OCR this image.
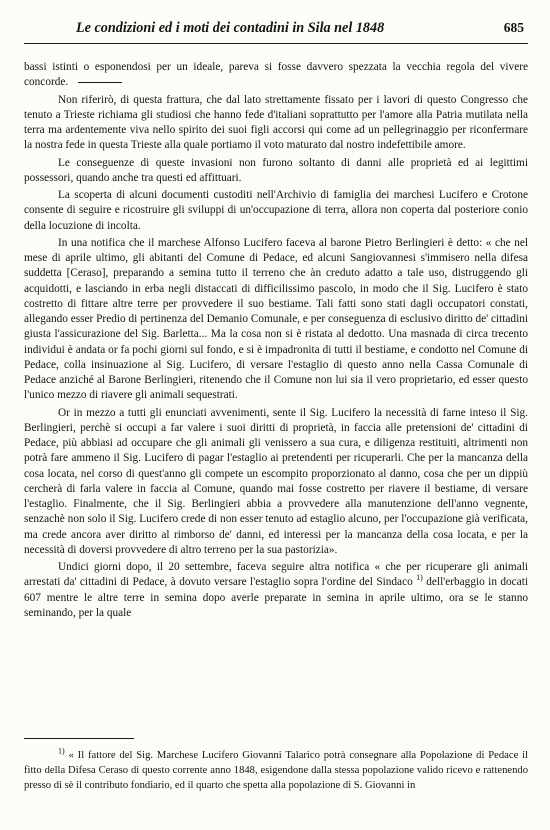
Le condizioni ed i moti dei contadini in Sila nel 1848	685

bassi istinti o esponendosi per un ideale, pareva si fosse davvero spezzata la vecchia regola del vivere concorde.

Non riferirò, di questa frattura, che dal lato strettamente fissato per i lavori di questo Congresso che tenuto a Trieste richiama gli studiosi che hanno fede d'italiani soprattutto per l'amore alla Patria mutilata nella terra ma ardentemente viva nello spirito dei suoi figli accorsi qui come ad un pellegrinaggio per riconfermare la nostra fede in questa Trieste alla quale portiamo il voto maturato dal nostro indefettibile amore.

Le conseguenze di queste invasioni non furono soltanto di danni alle proprietà ed ai legittimi possessori, quando anche tra questi ed affittuari.

La scoperta di alcuni documenti custoditi nell'Archivio di famiglia dei marchesi Lucifero e Crotone consente di seguire e ricostruire gli sviluppi di un'occupazione di terra, allora non coperta dal posteriore conio della locuzione di incolta.

In una notifica che il marchese Alfonso Lucifero faceva al barone Pietro Berlingieri è detto: « che nel mese di aprile ultimo, gli abitanti del Comune di Pedace, ed alcuni Sangiovannesi s'immisero nella difesa suddetta [Ceraso], preparando a semina tutto il terreno che àn creduto adatto a tale uso, distruggendo gli acquidotti, e lasciando in erba negli distaccati di difficilissimo pascolo, in modo che il Sig. Lucifero è stato costretto di fittare altre terre per provvedere il suo bestiame. Tali fatti sono stati dagli occupatori constati, allegando esser Predio di pertinenza del Demanio Comunale, e per conseguenza di esclusivo diritto de' cittadini giusta l'assicurazione del Sig. Barletta... Ma la cosa non si è ristata al dedotto. Una masnada di circa trecento individui è andata or fa pochi giorni sul fondo, e si è impadronita di tutti il bestiame, e condotto nel Comune di Pedace, colla insinuazione al Sig. Lucifero, di versare l'estaglio di questo anno nella Cassa Comunale di Pedace anziché al Barone Berlingieri, ritenendo che il Comune non lui sia il vero proprietario, ed esser questo l'unico mezzo di riavere gli animali sequestrati.

Or in mezzo a tutti gli enunciati avvenimenti, sente il Sig. Lucifero la necessità di farne inteso il Sig. Berlingieri, perchè si occupi a far valere i suoi diritti di proprietà, in faccia alle pretensioni de' cittadini di Pedace, più abbiasi ad occupare che gli animali gli venissero a sua cura, e diligenza restituiti, altrimenti non potrà fare ammeno il Sig. Lucifero di pagar l'estaglio ai pretendenti per ricuperarli. Che per la mancanza della cosa locata, nel corso di quest'anno gli compete un escompito proporzionato al danno, cosa che per un dippiù cercherà di farla valere in faccia al Comune, quando mai fosse costretto per riavere il bestiame, di versare l'estaglio. Finalmente, che il Sig. Berlingieri abbia a provvedere alla manutenzione dell'anno vegnente, senzachè non solo il Sig. Lucifero crede di non esser tenuto ad estaglio alcuno, per l'occupazione già verificata, ma crede ancora aver diritto al rimborso de' danni, ed interessi per la mancanza della cosa locata, e per la necessità di doversi provvedere di altro terreno per la sua pastorizia».

Undici giorni dopo, il 20 settembre, faceva seguire altra notifica « che per ricuperare gli animali arrestati da' cittadini di Pedace, à dovuto versare l'estaglio sopra l'ordine del Sindaco $^{1)}$ dell'erbaggio in docati 607 mentre le altre terre in semina dopo averle preparate in semina in aprile ultimo, ora se le stanno seminando, per la quale

$^{1)}$ « Il fattore del Sig. Marchese Lucifero Giovanni Talarico potrà consegnare alla Popolazione di Pedace il fitto della Difesa Ceraso di questo corrente anno 1848, esigendone dalla stessa popolazione valido ricevo e rattenendo presso di sè il contributo fondiario, ed il quarto che spetta alla popolazione di S. Giovanni in
